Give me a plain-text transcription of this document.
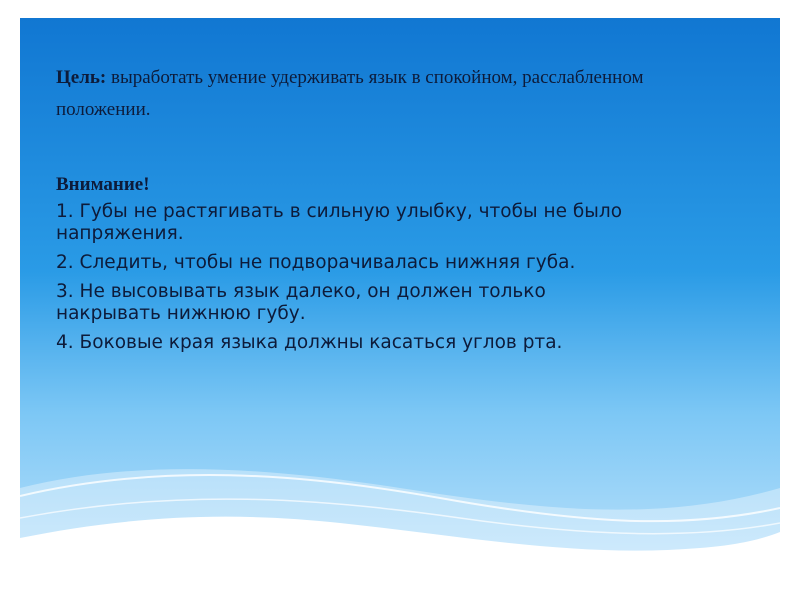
Цель: выработать умение удерживать язык в спокойном, расслабленном положении.

Внимание!
1. Губы не растягивать в сильную улыбку, чтобы не было напряжения.
2. Следить, чтобы не подворачивалась нижняя губа.
3. Не высовывать язык далеко, он должен только накрывать нижнюю губу.
4. Боковые края языка должны касаться углов рта.
